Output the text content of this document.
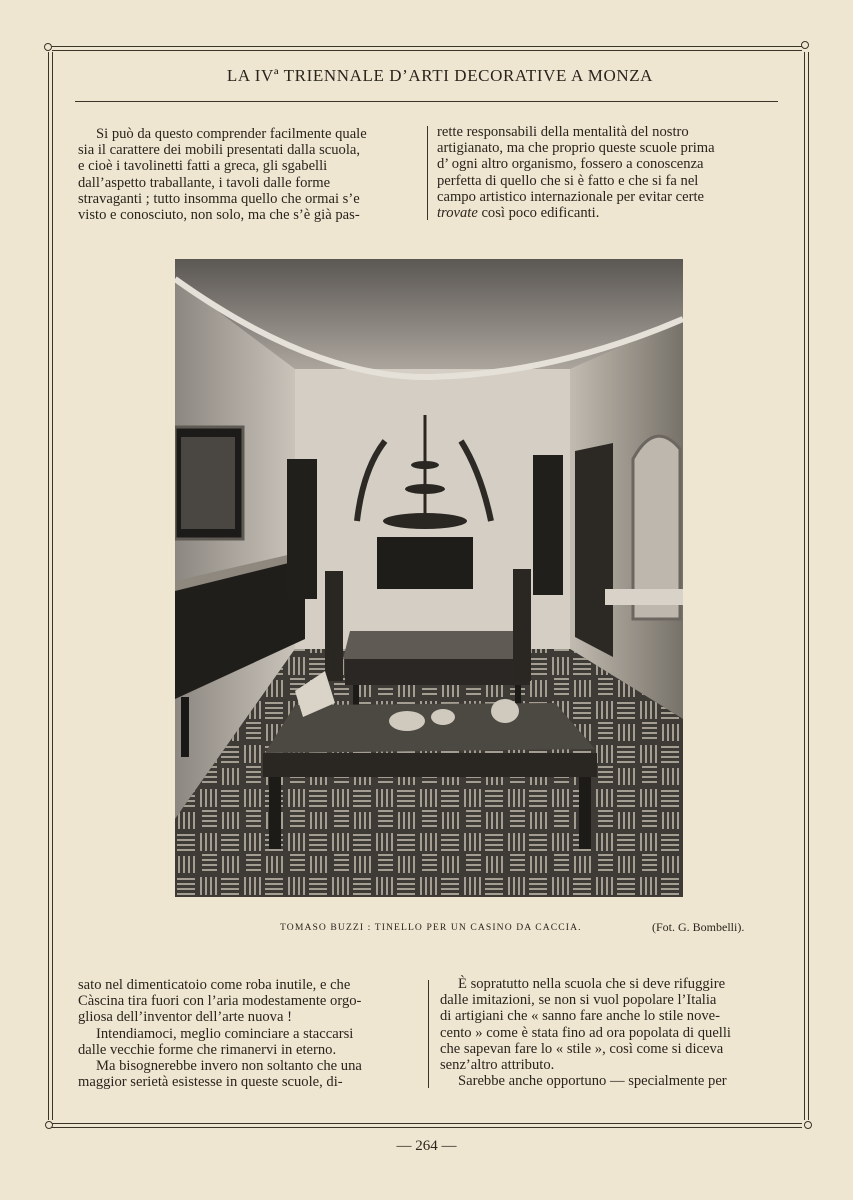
LA IVª TRIENNALE D’ARTI DECORATIVE A MONZA

Si può da questo comprender facilmente quale

sia il carattere dei mobili presentati dalla scuola,

e cioè i tavolinetti fatti a greca, gli sgabelli

dall’aspetto traballante, i tavoli dalle forme

stravaganti ; tutto insomma quello che ormai s’e

visto e conosciuto, non solo, ma che s’è già pas-

rette responsabili della mentalità del nostro

artigianato, ma che proprio queste scuole prima

d’ ogni altro organismo, fossero a conoscenza

perfetta di quello che si è fatto e che si fa nel

campo artistico internazionale per evitar certe

trovate così poco edificanti.

TOMASO BUZZI : TINELLO PER UN CASINO DA CACCIA.	(Fot. G. Bombelli).

sato nel dimenticatoio come roba inutile, e che

Càscina tira fuori con l’aria modestamente orgo-

gliosa dell’inventor dell’arte nuova !

Intendiamoci, meglio cominciare a staccarsi

dalle vecchie forme che rimanervi in eterno.

Ma bisognerebbe invero non soltanto che una

maggior serietà esistesse in queste scuole, di-

È sopratutto nella scuola che si deve rifuggire

dalle imitazioni, se non si vuol popolare l’Italia

di artigiani che « sanno fare anche lo stile nove-

cento » come è stata fino ad ora popolata di quelli

che sapevan fare lo « stile », così come si diceva

senz’altro attributo.

Sarebbe anche opportuno — specialmente per

— 264 —
